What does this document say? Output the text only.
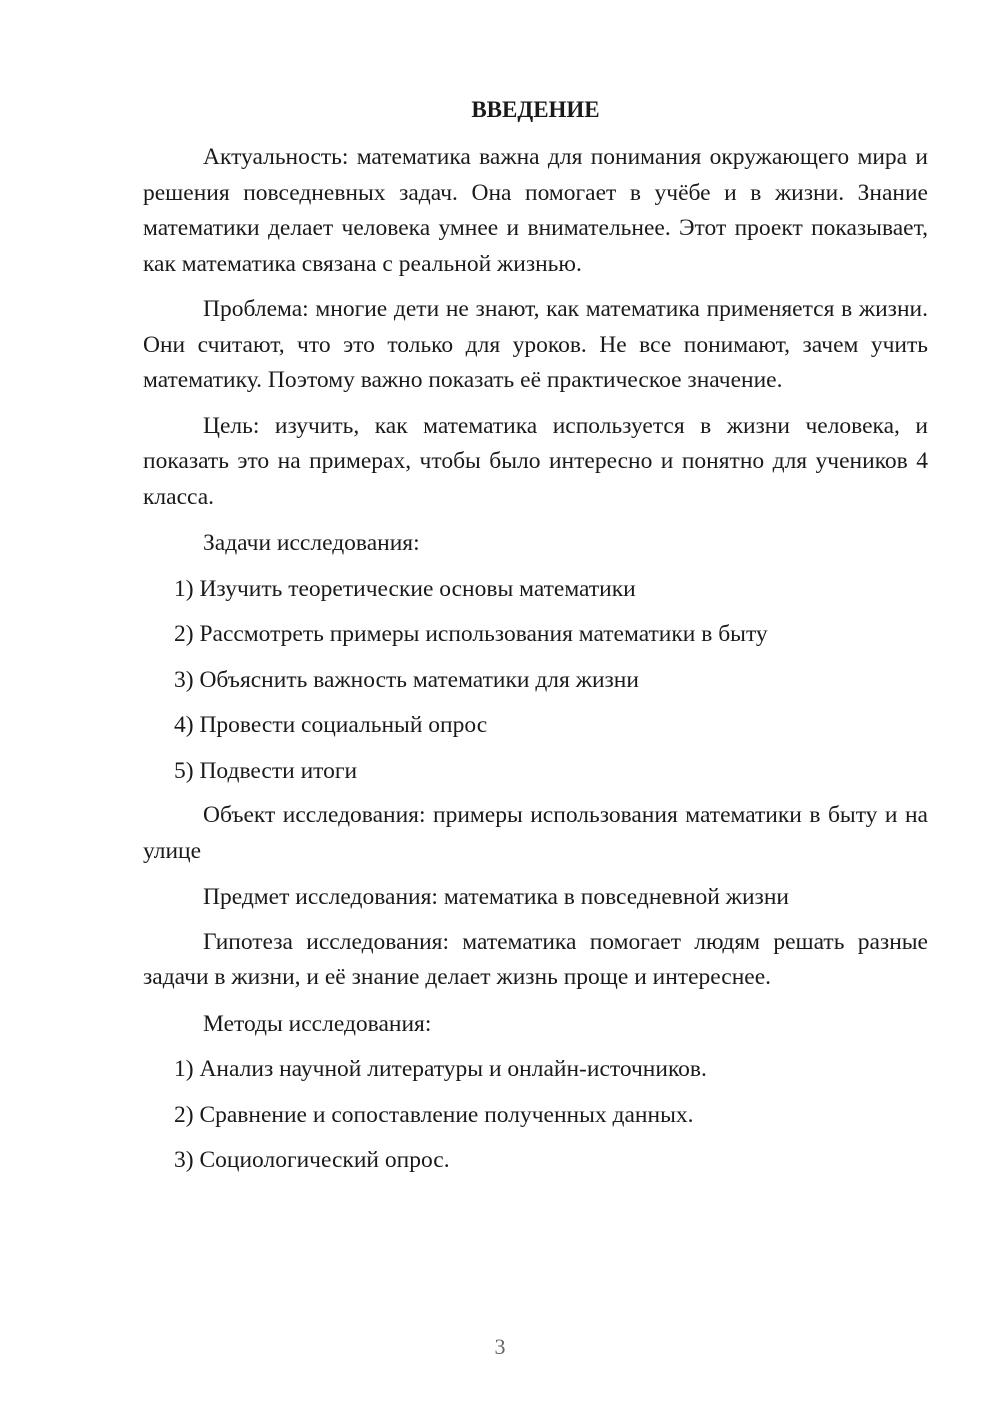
ВВЕДЕНИЕ

Актуальность: математика важна для понимания окружающего мира и решения повседневных задач. Она помогает в учёбе и в жизни. Знание математики делает человека умнее и внимательнее. Этот проект показывает, как математика связана с реальной жизнью.

Проблема: многие дети не знают, как математика применяется в жизни. Они считают, что это только для уроков. Не все понимают, зачем учить математику. Поэтому важно показать её практическое значение.

Цель: изучить, как математика используется в жизни человека, и показать это на примерах, чтобы было интересно и понятно для учеников 4 класса.

Задачи исследования:

1) Изучить теоретические основы математики

2) Рассмотреть примеры использования математики в быту

3) Объяснить важность математики для жизни

4) Провести социальный опрос

5) Подвести итоги

Объект исследования: примеры использования математики в быту и на улице

Предмет исследования: математика в повседневной жизни

Гипотеза исследования: математика помогает людям решать разные задачи в жизни, и её знание делает жизнь проще и интереснее.

Методы исследования:

1) Анализ научной литературы и онлайн-источников.

2) Сравнение и сопоставление полученных данных.

3) Социологический опрос.

3
